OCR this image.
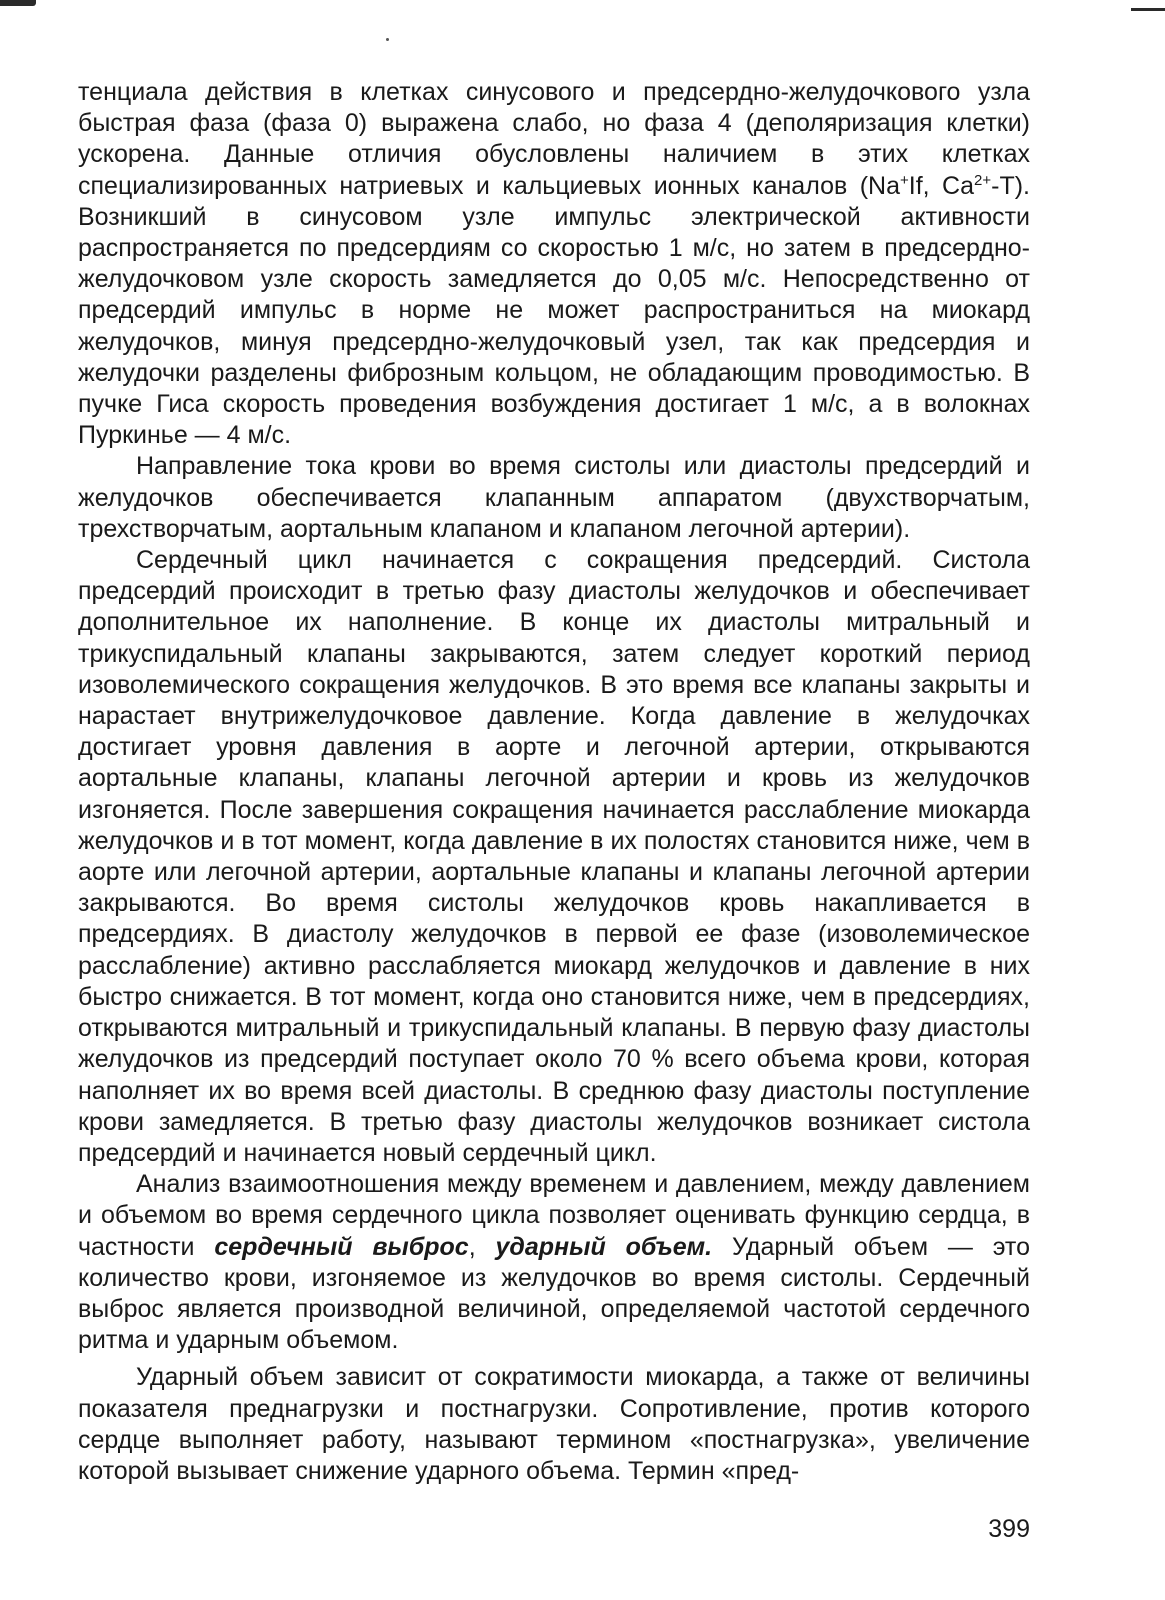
тенциала действия в клетках синусового и предсердно-желудочкового узла быстрая фаза (фаза 0) выражена слабо, но фаза 4 (деполяризация клетки) ускорена. Данные отличия обусловлены наличием в этих клетках специализированных натриевых и кальциевых ионных каналов (Na+If, $Ca^{2+}-Т$). Возникший в синусовом узле импульс электрической активности распространяется по предсердиям со скоростью 1 м/с, но затем в предсердно-желудочковом узле скорость замедляется до 0,05 м/с. Непосредственно от предсердий импульс в норме не может распространиться на миокард желудочков, минуя предсердно-желудочковый узел, так как предсердия и желудочки разделены фиброзным кольцом, не обладающим проводимостью. В пучке Гиса скорость проведения возбуждения достигает 1 м/с, а в волокнах Пуркинье — 4 м/с.

Направление тока крови во время систолы или диастолы предсердий и желудочков обеспечивается клапанным аппаратом (двухстворчатым, трехстворчатым, аортальным клапаном и клапаном легочной артерии).

Сердечный цикл начинается с сокращения предсердий. Систола предсердий происходит в третью фазу диастолы желудочков и обеспечивает дополнительное их наполнение. В конце их диастолы митральный и трикуспидальный клапаны закрываются, затем следует короткий период изоволемического сокращения желудочков. В это время все клапаны закрыты и нарастает внутрижелудочковое давление. Когда давление в желудочках достигает уровня давления в аорте и легочной артерии, открываются аортальные клапаны, клапаны легочной артерии и кровь из желудочков изгоняется. После завершения сокращения начинается расслабление миокарда желудочков и в тот момент, когда давление в их полостях становится ниже, чем в аорте или легочной артерии, аортальные клапаны и клапаны легочной артерии закрываются. Во время систолы желудочков кровь накапливается в предсердиях. В диастолу желудочков в первой ее фазе (изоволемическое расслабление) активно расслабляется миокард желудочков и давление в них быстро снижается. В тот момент, когда оно становится ниже, чем в предсердиях, открываются митральный и трикуспидальный клапаны. В первую фазу диастолы желудочков из предсердий поступает около 70 % всего объема крови, которая наполняет их во время всей диастолы. В среднюю фазу диастолы поступление крови замедляется. В третью фазу диастолы желудочков возникает систола предсердий и начинается новый сердечный цикл.

Анализ взаимоотношения между временем и давлением, между давлением и объемом во время сердечного цикла позволяет оценивать функцию сердца, в частности сердечный выброс, ударный объем. Ударный объем — это количество крови, изгоняемое из желудочков во время систолы. Сердечный выброс является производной величиной, определяемой частотой сердечного ритма и ударным объемом.

Ударный объем зависит от сократимости миокарда, а также от величины показателя преднагрузки и постнагрузки. Сопротивление, против которого сердце выполняет работу, называют термином «постнагрузка», увеличение которой вызывает снижение ударного объема. Термин «пред-

399
